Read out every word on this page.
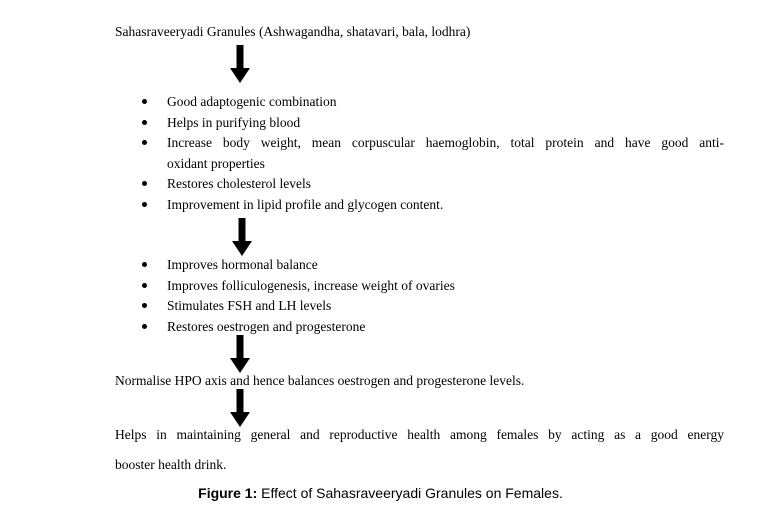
Sahasraveeryadi Granules (Ashwagandha, shatavari, bala, lodhra)
Good adaptogenic combination
Helps in purifying blood
Increase body weight, mean corpuscular haemoglobin, total protein and have good anti-
oxidant properties
Restores cholesterol levels
Improvement in lipid profile and glycogen content.
Improves hormonal balance
Improves folliculogenesis, increase weight of ovaries
Stimulates FSH and LH levels
Restores oestrogen and progesterone
Normalise HPO axis and hence balances oestrogen and progesterone levels.
Helps in maintaining general and reproductive health among females by acting as a good energy
booster health drink.
Figure 1: Effect of Sahasraveeryadi Granules on Females.
